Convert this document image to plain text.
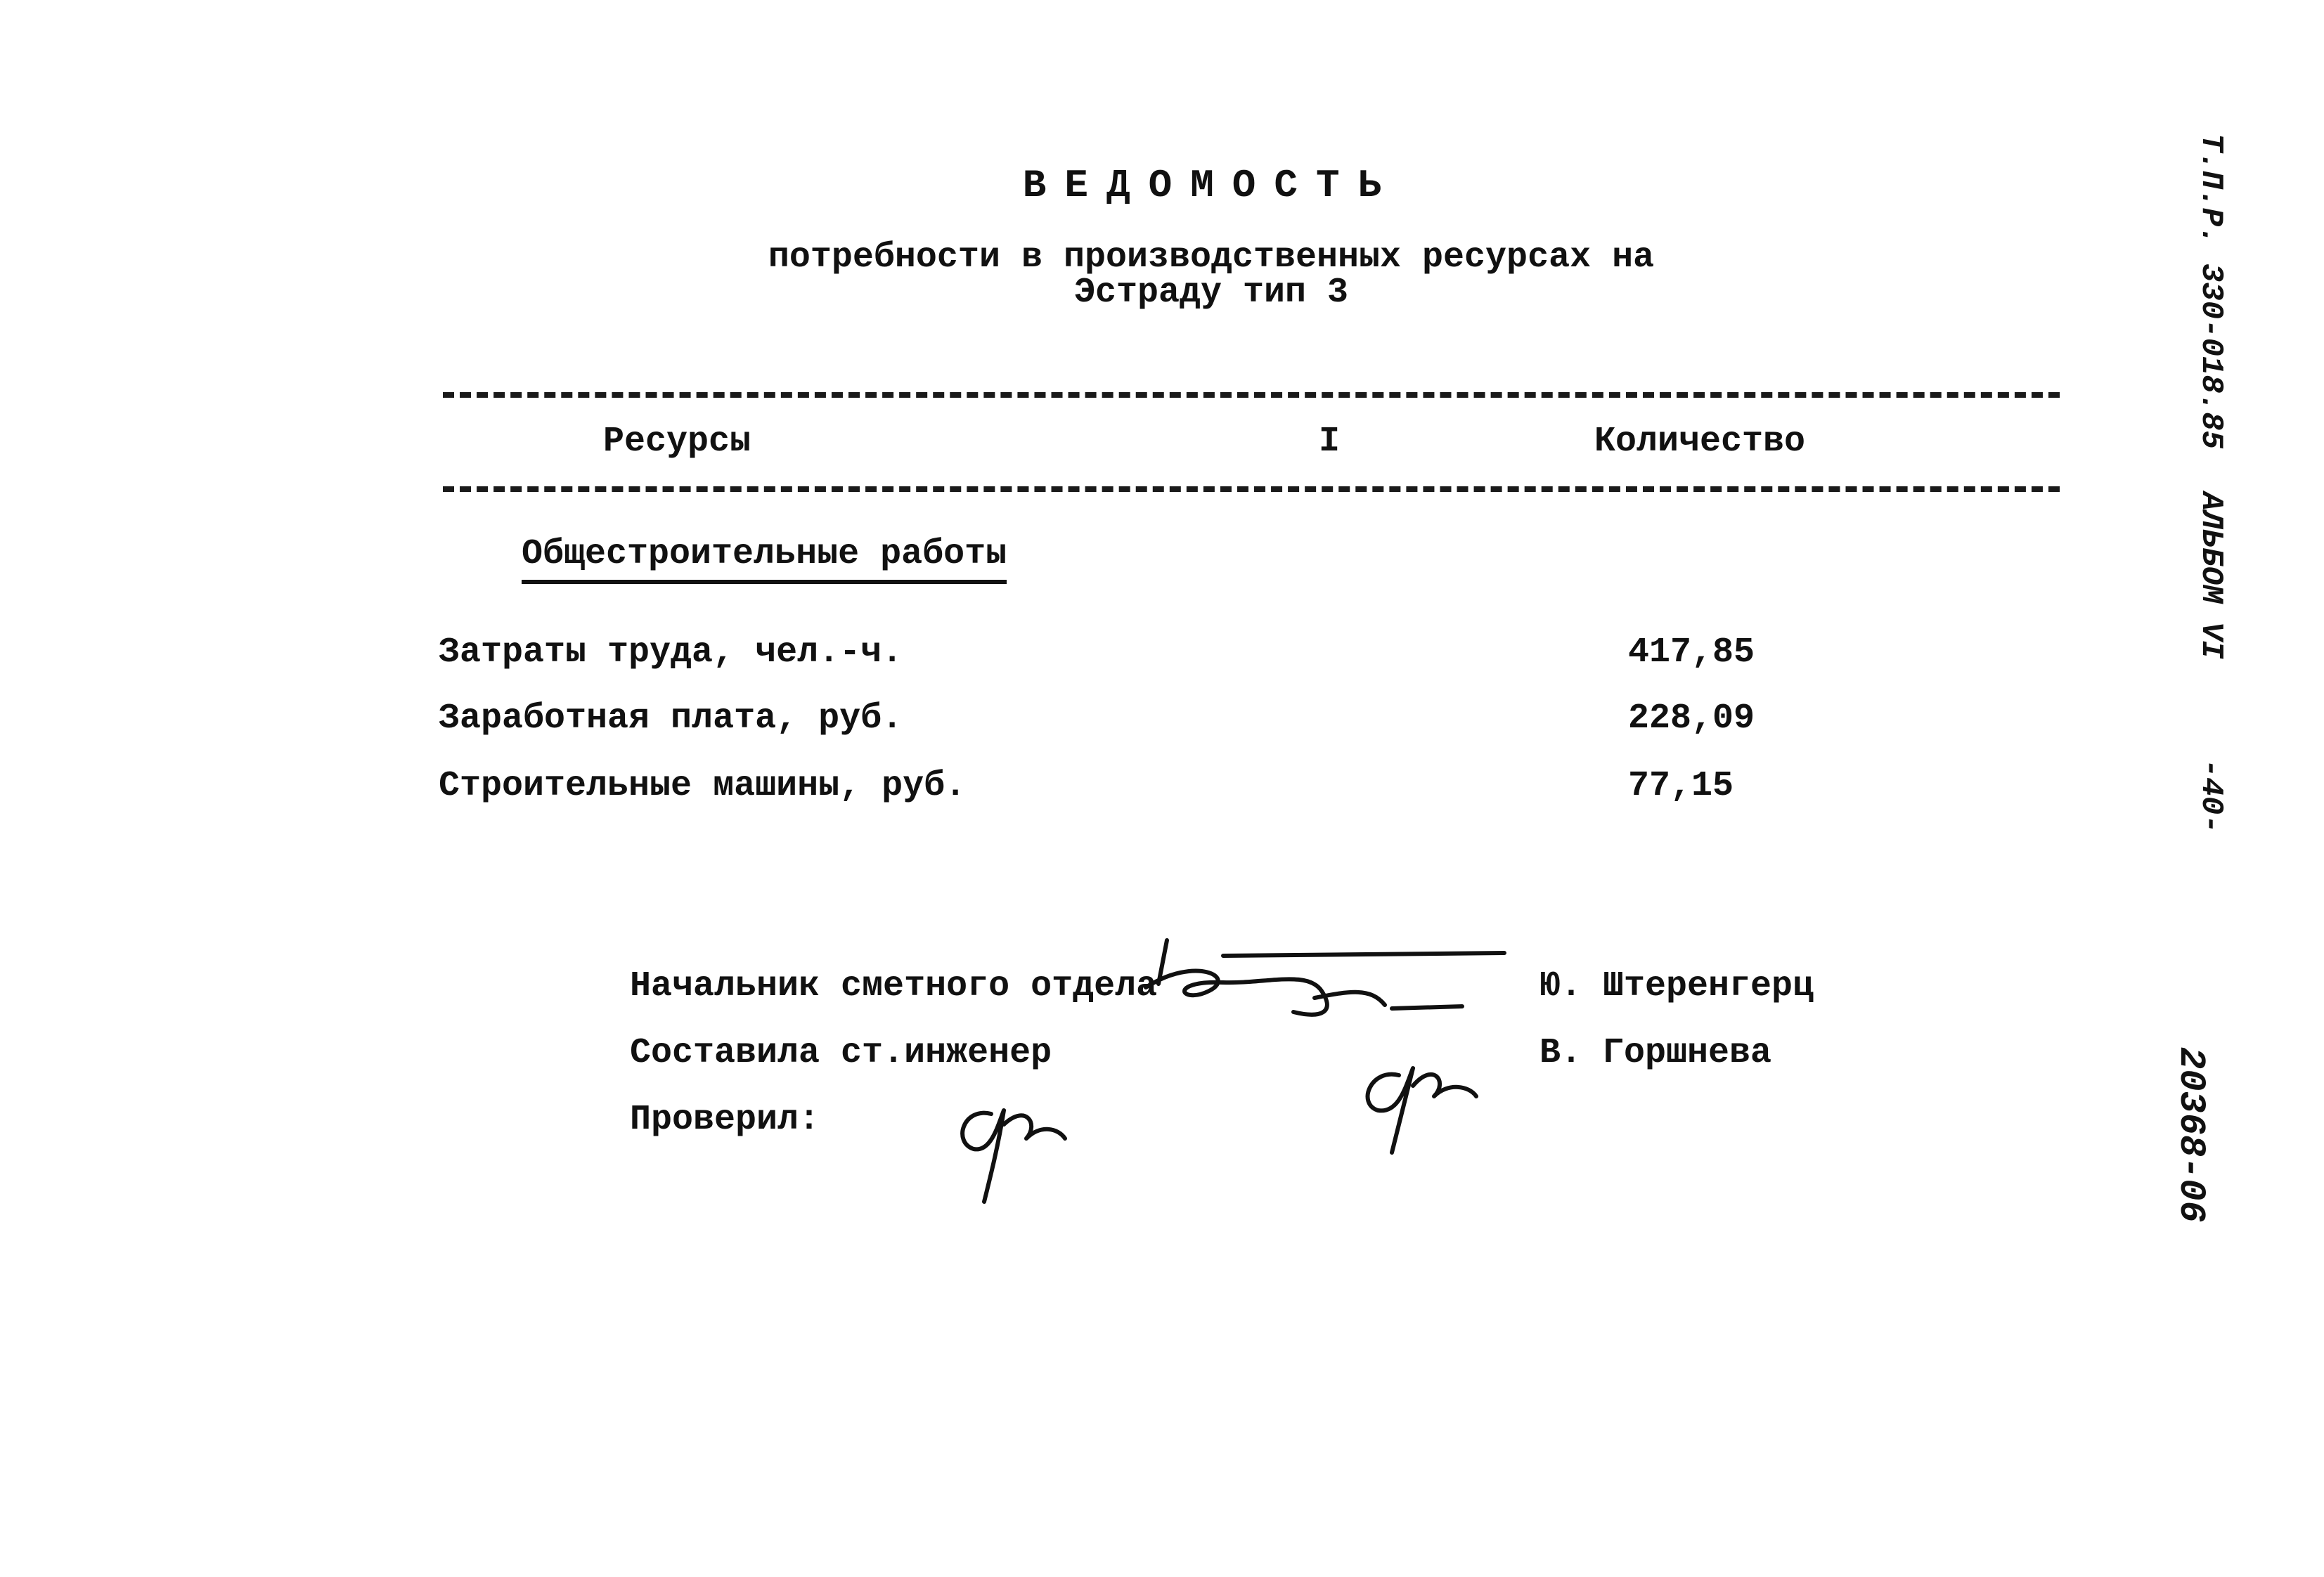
ВЕДОМОСТЬ
потребности в производственных ресурсах на
Эстраду тип 3
Ресурсы	I	Количество
Общестроительные работы
Затраты труда, чел.-ч.	417,85
Заработная плата, руб.	228,09
Строительные машины, руб.	77,15
Начальник сметного отдела	Ю. Штеренгерц
Составила ст.инженер	В. Горшнева
Проверил:
Т.П.Р. 330-018.85
АЛЬБОМ VI
-40-
20368-06
